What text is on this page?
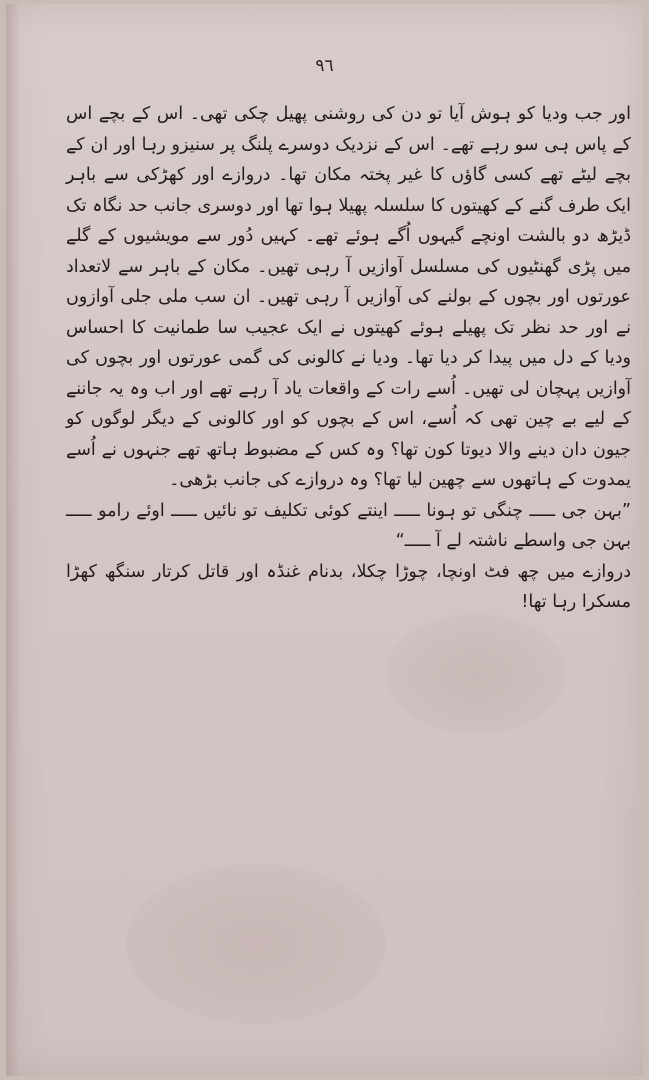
٩٦

اور جب ودیا کو ہوش آیا تو دن کی روشنی پھیل چکی تھی۔ اس کے بچے اس کے پاس ہی سو رہے تھے۔ اس کے نزدیک دوسرے پلنگ پر سنیزو رہا اور ان کے بچے لیٹے تھے کسی گاؤں کا غیر پختہ مکان تھا۔ دروازے اور کھڑکی سے باہر ایک طرف گنے کے کھیتوں کا سلسلہ پھیلا ہوا تھا اور دوسری جانب حد نگاہ تک ڈیڑھ دو بالشت اونچے گیہوں اُگے ہوئے تھے۔ کہیں دُور سے مویشیوں کے گلے میں پڑی گھنٹیوں کی مسلسل آوازیں آ رہی تھیں۔ مکان کے باہر سے لاتعداد عورتوں اور بچوں کے بولنے کی آوازیں آ رہی تھیں۔ ان سب ملی جلی آوازوں نے اور حد نظر تک پھیلے ہوئے کھیتوں نے ایک عجیب سا طمانیت کا احساس ودیا کے دل میں پیدا کر دیا تھا۔ ودیا نے کالونی کی گمی عورتوں اور بچوں کی آوازیں پہچان لی تھیں۔ اُسے رات کے واقعات یاد آ رہے تھے اور اب وہ یہ جاننے کے لیے بے چین تھی کہ اُسے، اس کے بچوں کو اور کالونی کے دیگر لوگوں کو جیون دان دینے والا دیوتا کون تھا؟ وہ کس کے مضبوط ہاتھ تھے جنہوں نے اُسے یمدوت کے ہاتھوں سے چھین لیا تھا؟ وہ دروازے کی جانب بڑھی۔

”بہن جی ـــــ چنگی تو ہونا ـــــ اینتے کوئی تکلیف تو نائیں ـــــ اوئے رامو ـــــ بہن جی واسطے ناشتہ لے آ ـــــ“

دروازے میں چھ فٹ اونچا، چوڑا چکلا، بدنام غنڈہ اور قاتل کرتار سنگھ کھڑا مسکرا رہا تھا!
